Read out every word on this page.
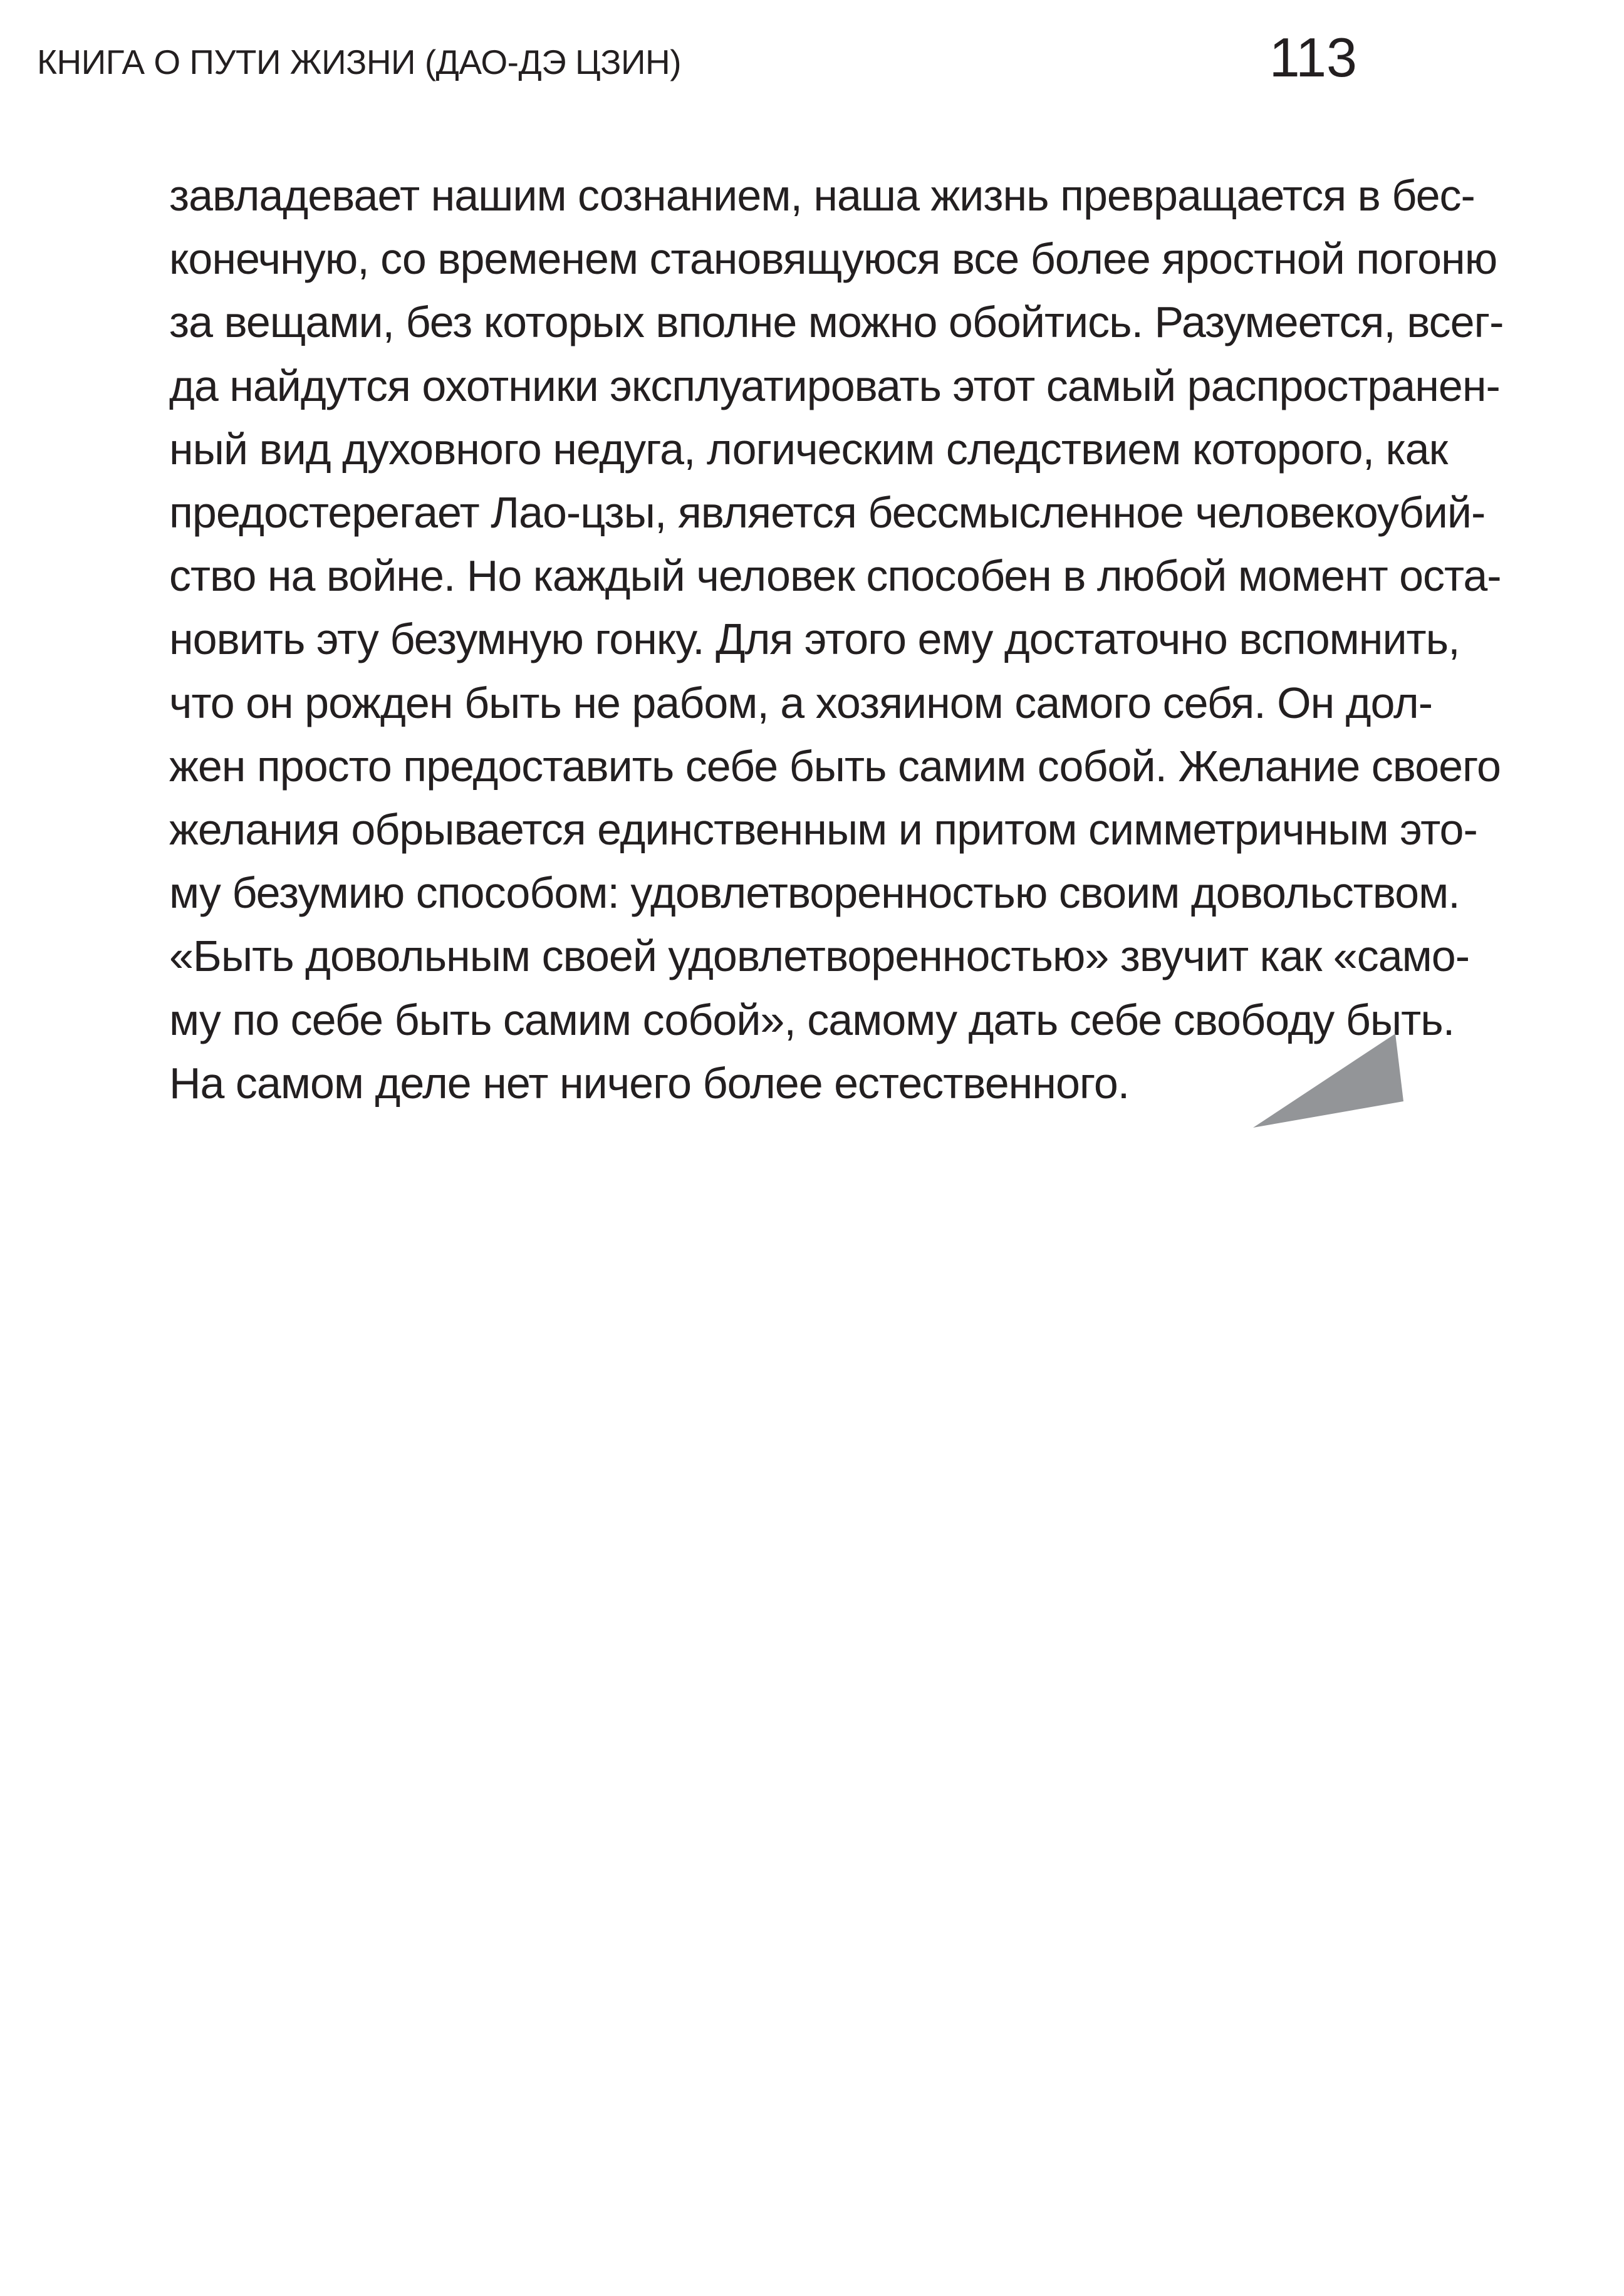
КНИГА О ПУТИ ЖИЗНИ (ДАО-ДЭ ЦЗИН)	113

завладевает нашим сознанием, наша жизнь превращается в бес-
конечную, со временем становящуюся все более яростной погоню
за вещами, без которых вполне можно обойтись. Разумеется, всег-
да найдутся охотники эксплуатировать этот самый распространен-
ный вид духовного недуга, логическим следствием которого, как
предостерегает Лао-цзы, является бессмысленное человекоубий-
ство на войне. Но каждый человек способен в любой момент оста-
новить эту безумную гонку. Для этого ему достаточно вспомнить,
что он рожден быть не рабом, а хозяином самого себя. Он дол-
жен просто предоставить себе быть самим собой. Желание своего
желания обрывается единственным и притом симметричным это-
му безумию способом: удовлетворенностью своим довольством.
«Быть довольным своей удовлетворенностью» звучит как «само-
му по себе быть самим собой», самому дать себе свободу быть.
На самом деле нет ничего более естественного.
